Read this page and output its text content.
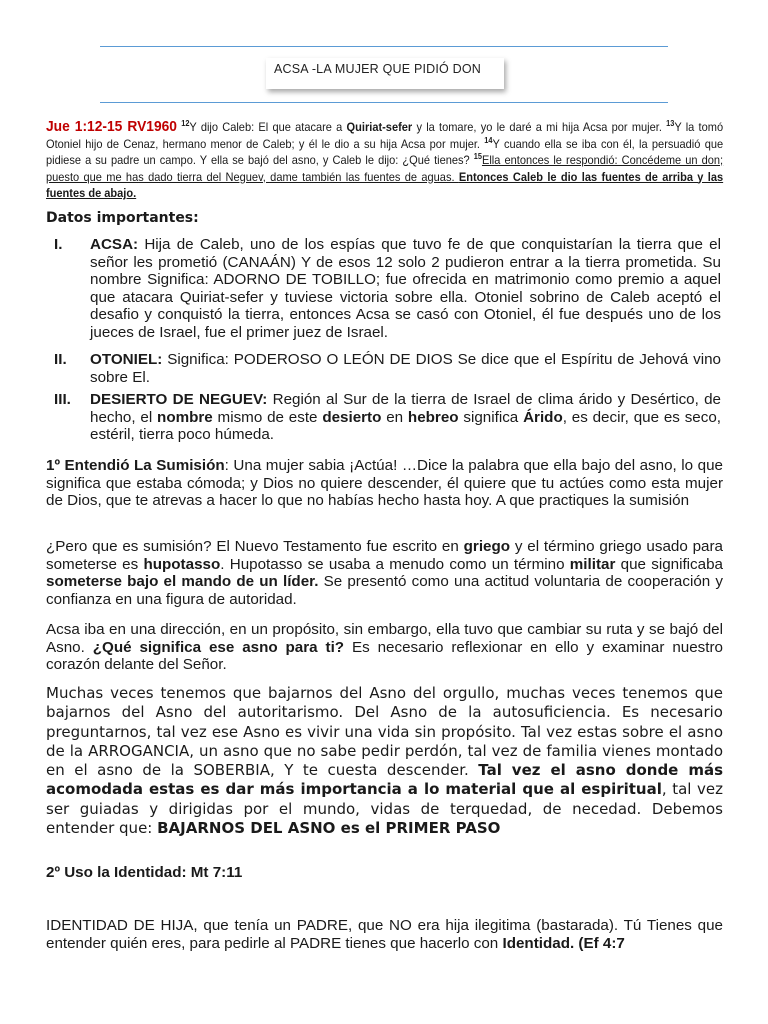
ACSA -LA MUJER QUE PIDIÓ DON
Jue 1:12-15 RV1960 $^{12}$Y dijo Caleb: El que atacare a Quiriat-sefer y la tomare, yo le daré a mi hija Acsa por mujer. $^{13}$Y la tomó Otoniel hijo de Cenaz, hermano menor de Caleb; y él le dio a su hija Acsa por mujer. $^{14}$Y cuando ella se iba con él, la persuadió que pidiese a su padre un campo. Y ella se bajó del asno, y Caleb le dijo: ¿Qué tienes? $^{15}$Ella entonces le respondió: Concédeme un don; puesto que me has dado tierra del Neguev, dame también las fuentes de aguas. Entonces Caleb le dio las fuentes de arriba y las fuentes de abajo.
Datos importantes:
I. ACSA: Hija de Caleb, uno de los espías que tuvo fe de que conquistarían la tierra que el señor les prometió (CANAÁN) Y de esos 12 solo 2 pudieron entrar a la tierra prometida. Su nombre Significa: ADORNO DE TOBILLO; fue ofrecida en matrimonio como premio a aquel que atacara Quiriat-sefer y tuviese victoria sobre ella. Otoniel sobrino de Caleb aceptó el desafio y conquistó la tierra, entonces Acsa se casó con Otoniel, él fue después uno de los jueces de Israel, fue el primer juez de Israel.
II. OTONIEL: Significa: PODEROSO O LEÓN DE DIOS Se dice que el Espíritu de Jehová vino sobre El.
III. DESIERTO DE NEGUEV: Región al Sur de la tierra de Israel de clima árido y Desértico, de hecho, el nombre mismo de este desierto en hebreo significa Árido, es decir, que es seco, estéril, tierra poco húmeda.
1º Entendió La Sumisión: Una mujer sabia ¡Actúa! …Dice la palabra que ella bajo del asno, lo que significa que estaba cómoda; y Dios no quiere descender, él quiere que tu actúes como esta mujer de Dios, que te atrevas a hacer lo que no habías hecho hasta hoy. A que practiques la sumisión
¿Pero que es sumisión? El Nuevo Testamento fue escrito en griego y el término griego usado para someterse es hupotasso. Hupotasso se usaba a menudo como un término militar que significaba someterse bajo el mando de un líder. Se presentó como una actitud voluntaria de cooperación y confianza en una figura de autoridad.
Acsa iba en una dirección, en un propósito, sin embargo, ella tuvo que cambiar su ruta y se bajó del Asno. ¿Qué significa ese asno para ti? Es necesario reflexionar en ello y examinar nuestro corazón delante del Señor.
Muchas veces tenemos que bajarnos del Asno del orgullo, muchas veces tenemos que bajarnos del Asno del autoritarismo. Del Asno de la autosuficiencia. Es necesario preguntarnos, tal vez ese Asno es vivir una vida sin propósito. Tal vez estas sobre el asno de la ARROGANCIA, un asno que no sabe pedir perdón, tal vez de familia vienes montado en el asno de la SOBERBIA, Y te cuesta descender. Tal vez el asno donde más acomodada estas es dar más importancia a lo material que al espiritual, tal vez ser guiadas y dirigidas por el mundo, vidas de terquedad, de necedad. Debemos entender que: BAJARNOS DEL ASNO es el PRIMER PASO
2º Uso la Identidad: Mt 7:11
IDENTIDAD DE HIJA, que tenía un PADRE, que NO era hija ilegitima (bastarada). Tú Tienes que entender quién eres, para pedirle al PADRE tienes que hacerlo con Identidad. (Ef 4:7
